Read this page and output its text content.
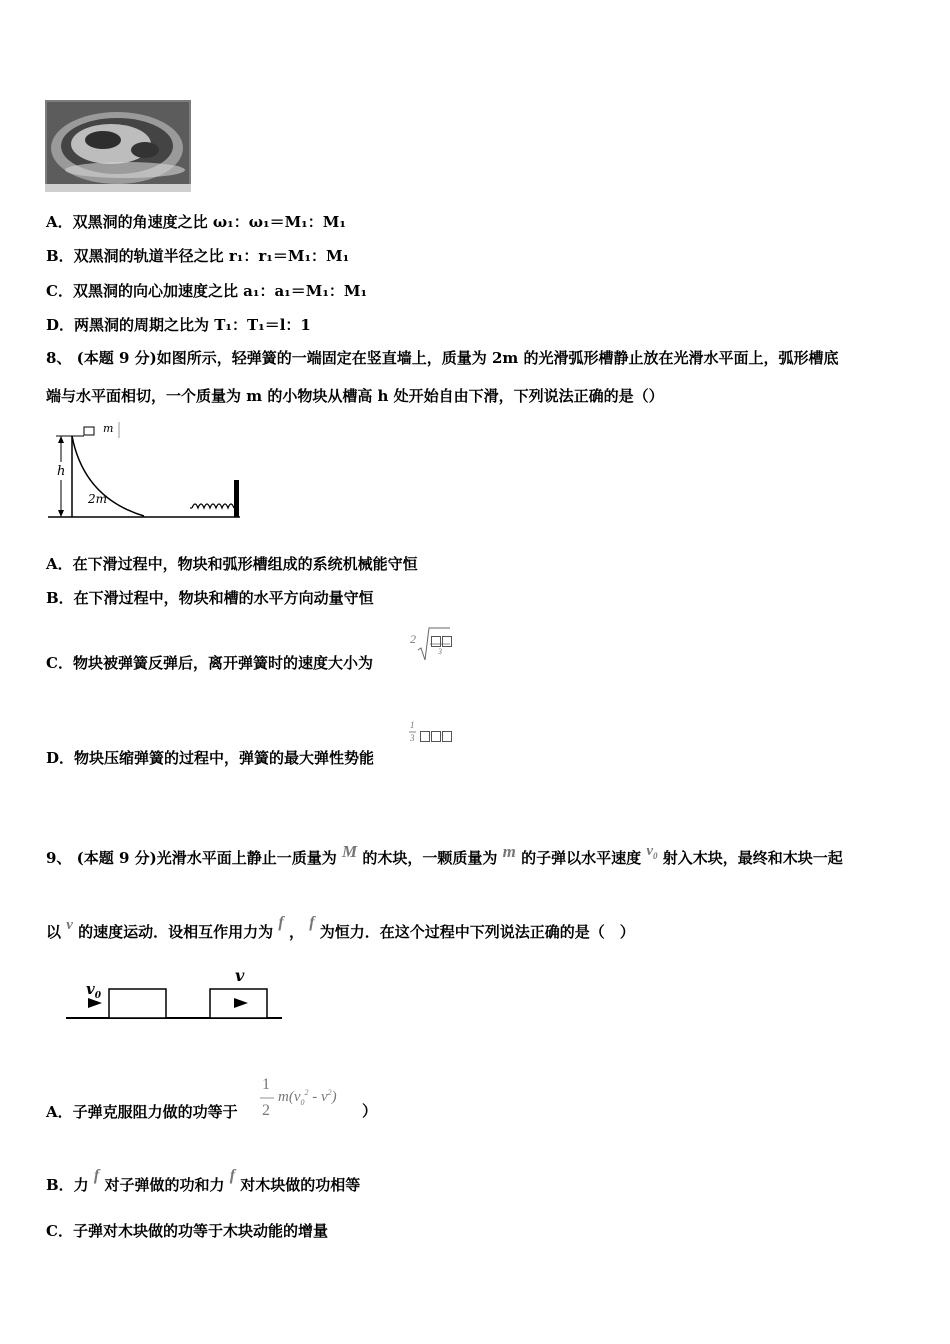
A．双黑洞的角速度之比 ω₁：ω₁＝M₁：M₁
B．双黑洞的轨道半径之比 r₁：r₁＝M₁：M₁
C．双黑洞的向心加速度之比 a₁：a₁＝M₁：M₁
D．两黑洞的周期之比为 T₁：T₁＝l：1
8、 (本题 9 分)如图所示，轻弹簧的一端固定在竖直墙上，质量为 2m 的光滑弧形槽静止放在光滑水平面上，弧形槽底
端与水平面相切，一个质量为 m 的小物块从槽高 h 处开始自由下滑，下列说法正确的是（）
m
h
2m
A．在下滑过程中，物块和弧形槽组成的系统机械能守恒
B．在下滑过程中，物块和槽的水平方向动量守恒
C．物块被弹簧反弹后，离开弹簧时的速度大小为
2
3
D．物块压缩弹簧的过程中，弹簧的最大弹性势能
1
3
9、 (本题 9 分)光滑水平面上静止一质量为 M 的木块，一颗质量为 m 的子弹以水平速度 $v_0$ 射入木块，最终和木块一起
以 v 的速度运动．设相互作用力为 f ， f 为恒力．在这个过程中下列说法正确的是（　）
$v_0$
v
A．子弹克服阻力做的功等于
1
2
$m(v_0^2 - v^2)$
）
B．力 f 对子弹做的功和力 f 对木块做的功相等
C．子弹对木块做的功等于木块动能的增量
